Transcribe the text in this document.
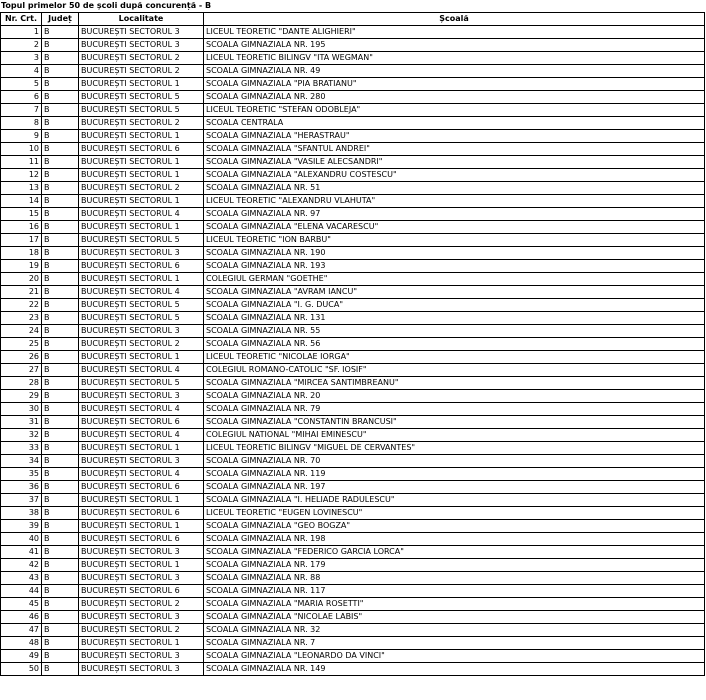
Topul primelor 50 de școli după concurență - B
Nr. Crt.	Județ	Localitate	Școală
1	B	BUCUREȘTI SECTORUL 3	LICEUL TEORETIC "DANTE ALIGHIERI"
2	B	BUCUREȘTI SECTORUL 3	SCOALA GIMNAZIALA NR. 195
3	B	BUCUREȘTI SECTORUL 2	LICEUL TEORETIC BILINGV "ITA WEGMAN"
4	B	BUCUREȘTI SECTORUL 2	SCOALA GIMNAZIALA NR. 49
5	B	BUCUREȘTI SECTORUL 1	SCOALA GIMNAZIALA "PIA BRATIANU"
6	B	BUCUREȘTI SECTORUL 5	SCOALA GIMNAZIALA NR. 280
7	B	BUCUREȘTI SECTORUL 5	LICEUL TEORETIC "STEFAN ODOBLEJA"
8	B	BUCUREȘTI SECTORUL 2	SCOALA CENTRALA
9	B	BUCUREȘTI SECTORUL 1	SCOALA GIMNAZIALA "HERASTRAU"
10	B	BUCUREȘTI SECTORUL 6	SCOALA GIMNAZIALA "SFANTUL ANDREI"
11	B	BUCUREȘTI SECTORUL 1	SCOALA GIMNAZIALA "VASILE ALECSANDRI"
12	B	BUCUREȘTI SECTORUL 1	SCOALA GIMNAZIALA "ALEXANDRU COSTESCU"
13	B	BUCUREȘTI SECTORUL 2	SCOALA GIMNAZIALA NR. 51
14	B	BUCUREȘTI SECTORUL 1	LICEUL TEORETIC "ALEXANDRU VLAHUTA"
15	B	BUCUREȘTI SECTORUL 4	SCOALA GIMNAZIALA NR. 97
16	B	BUCUREȘTI SECTORUL 1	SCOALA GIMNAZIALA "ELENA VACARESCU"
17	B	BUCUREȘTI SECTORUL 5	LICEUL TEORETIC "ION BARBU"
18	B	BUCUREȘTI SECTORUL 3	SCOALA GIMNAZIALA NR. 190
19	B	BUCUREȘTI SECTORUL 6	SCOALA GIMNAZIALA NR. 193
20	B	BUCUREȘTI SECTORUL 1	COLEGIUL GERMAN "GOETHE"
21	B	BUCUREȘTI SECTORUL 4	SCOALA GIMNAZIALA "AVRAM IANCU"
22	B	BUCUREȘTI SECTORUL 5	SCOALA GIMNAZIALA "I. G. DUCA"
23	B	BUCUREȘTI SECTORUL 5	SCOALA GIMNAZIALA NR. 131
24	B	BUCUREȘTI SECTORUL 3	SCOALA GIMNAZIALA NR. 55
25	B	BUCUREȘTI SECTORUL 2	SCOALA GIMNAZIALA NR. 56
26	B	BUCUREȘTI SECTORUL 1	LICEUL TEORETIC "NICOLAE IORGA"
27	B	BUCUREȘTI SECTORUL 4	COLEGIUL ROMANO-CATOLIC "SF. IOSIF"
28	B	BUCUREȘTI SECTORUL 5	SCOALA GIMNAZIALA "MIRCEA SANTIMBREANU"
29	B	BUCUREȘTI SECTORUL 3	SCOALA GIMNAZIALA NR. 20
30	B	BUCUREȘTI SECTORUL 4	SCOALA GIMNAZIALA NR. 79
31	B	BUCUREȘTI SECTORUL 6	SCOALA GIMNAZIALA "CONSTANTIN BRANCUSI"
32	B	BUCUREȘTI SECTORUL 4	COLEGIUL NATIONAL "MIHAI EMINESCU"
33	B	BUCUREȘTI SECTORUL 1	LICEUL TEORETIC BILINGV "MIGUEL DE CERVANTES"
34	B	BUCUREȘTI SECTORUL 3	SCOALA GIMNAZIALA NR. 70
35	B	BUCUREȘTI SECTORUL 4	SCOALA GIMNAZIALA NR. 119
36	B	BUCUREȘTI SECTORUL 6	SCOALA GIMNAZIALA NR. 197
37	B	BUCUREȘTI SECTORUL 1	SCOALA GIMNAZIALA "I. HELIADE RADULESCU"
38	B	BUCUREȘTI SECTORUL 6	LICEUL TEORETIC "EUGEN LOVINESCU"
39	B	BUCUREȘTI SECTORUL 1	SCOALA GIMNAZIALA "GEO BOGZA"
40	B	BUCUREȘTI SECTORUL 6	SCOALA GIMNAZIALA NR. 198
41	B	BUCUREȘTI SECTORUL 3	SCOALA GIMNAZIALA "FEDERICO GARCIA LORCA"
42	B	BUCUREȘTI SECTORUL 1	SCOALA GIMNAZIALA NR. 179
43	B	BUCUREȘTI SECTORUL 3	SCOALA GIMNAZIALA NR. 88
44	B	BUCUREȘTI SECTORUL 6	SCOALA GIMNAZIALA NR. 117
45	B	BUCUREȘTI SECTORUL 2	SCOALA GIMNAZIALA "MARIA ROSETTI"
46	B	BUCUREȘTI SECTORUL 3	SCOALA GIMNAZIALA "NICOLAE LABIS"
47	B	BUCUREȘTI SECTORUL 2	SCOALA GIMNAZIALA NR. 32
48	B	BUCUREȘTI SECTORUL 1	SCOALA GIMNAZIALA NR. 7
49	B	BUCUREȘTI SECTORUL 3	SCOALA GIMNAZIALA "LEONARDO DA VINCI"
50	B	BUCUREȘTI SECTORUL 3	SCOALA GIMNAZIALA NR. 149
